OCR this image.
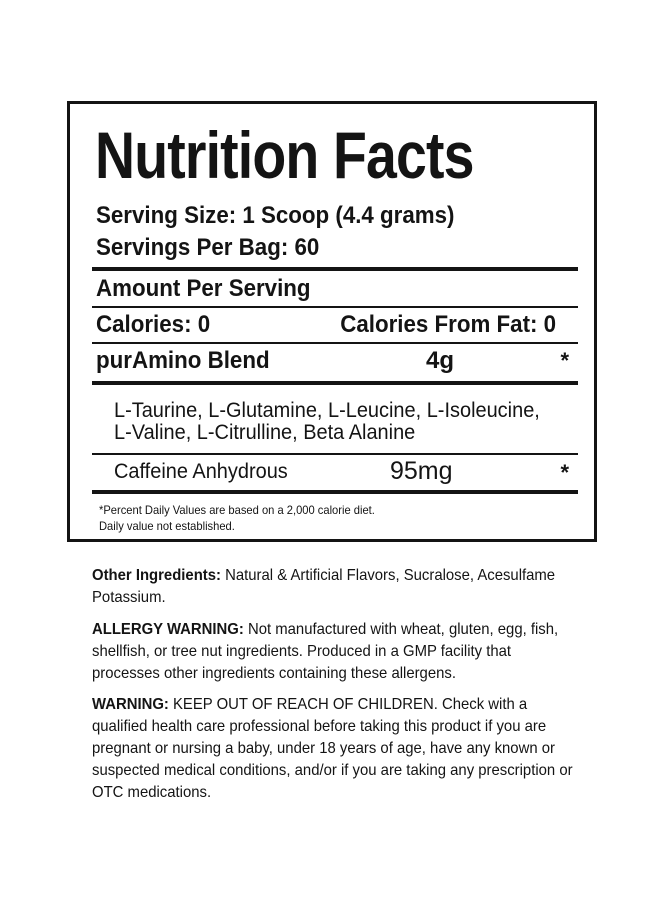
Nutrition Facts
Serving Size: 1 Scoop (4.4 grams)
Servings Per Bag: 60
Amount Per Serving
Calories: 0	Calories From Fat: 0
purAmino Blend	4g	*
L-Taurine, L-Glutamine, L-Leucine, L-Isoleucine, L-Valine, L-Citrulline, Beta Alanine
Caffeine Anhydrous	95mg	*
*Percent Daily Values are based on a 2,000 calorie diet.
Daily value not established.
Other Ingredients: Natural & Artificial Flavors, Sucralose, Acesulfame Potassium.
ALLERGY WARNING: Not manufactured with wheat, gluten, egg, fish, shellfish, or tree nut ingredients. Produced in a GMP facility that processes other ingredients containing these allergens.
WARNING: KEEP OUT OF REACH OF CHILDREN. Check with a qualified health care professional before taking this product if you are pregnant or nursing a baby, under 18 years of age, have any known or suspected medical conditions, and/or if you are taking any prescription or OTC medications.
